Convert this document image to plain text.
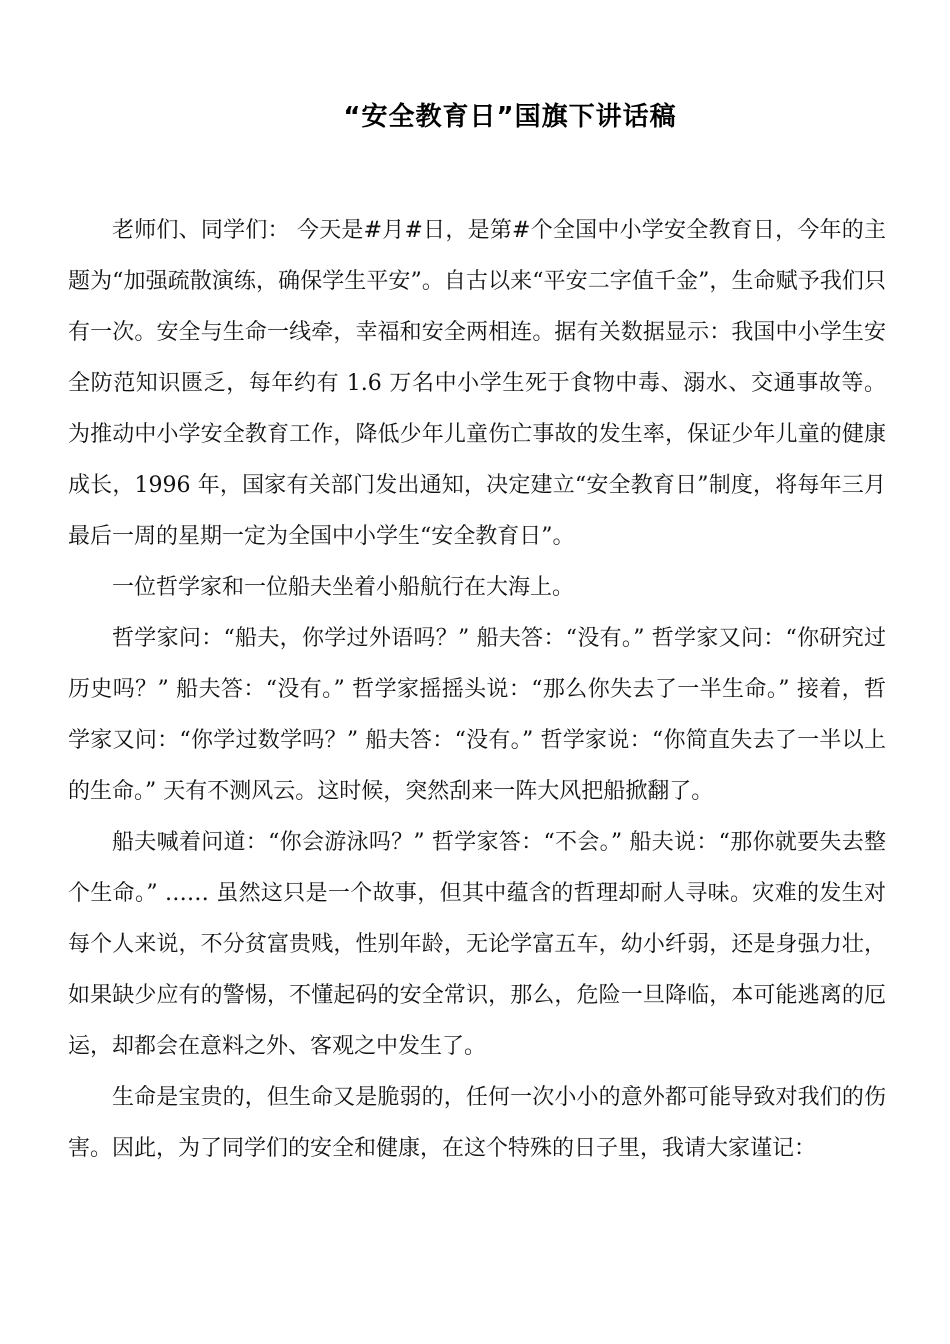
“安全教育日”国旗下讲话稿

老师们、同学们： 今天是#月#日，是第#个全国中小学安全教育日，今年的主题为“加强疏散演练，确保学生平安”。自古以来“平安二字值千金”，生命赋予我们只有一次。安全与生命一线牵，幸福和安全两相连。据有关数据显示：我国中小学生安全防范知识匮乏，每年约有 1.6 万名中小学生死于食物中毒、溺水、交通事故等。为推动中小学安全教育工作，降低少年儿童伤亡事故的发生率，保证少年儿童的健康成长，1996 年，国家有关部门发出通知，决定建立“安全教育日”制度，将每年三月最后一周的星期一定为全国中小学生“安全教育日”。

一位哲学家和一位船夫坐着小船航行在大海上。

哲学家问：“船夫，你学过外语吗？” 船夫答：“没有。” 哲学家又问：“你研究过历史吗？” 船夫答：“没有。” 哲学家摇摇头说：“那么你失去了一半生命。” 接着，哲学家又问：“你学过数学吗？” 船夫答：“没有。” 哲学家说：“你简直失去了一半以上的生命。” 天有不测风云。这时候，突然刮来一阵大风把船掀翻了。

船夫喊着问道：“你会游泳吗？” 哲学家答：“不会。” 船夫说：“那你就要失去整个生命。” …… 虽然这只是一个故事，但其中蕴含的哲理却耐人寻味。灾难的发生对每个人来说，不分贫富贵贱，性别年龄，无论学富五车，幼小纤弱，还是身强力壮，如果缺少应有的警惕，不懂起码的安全常识，那么，危险一旦降临，本可能逃离的厄运，却都会在意料之外、客观之中发生了。

生命是宝贵的，但生命又是脆弱的，任何一次小小的意外都可能导致对我们的伤害。因此，为了同学们的安全和健康，在这个特殊的日子里，我请大家谨记：
